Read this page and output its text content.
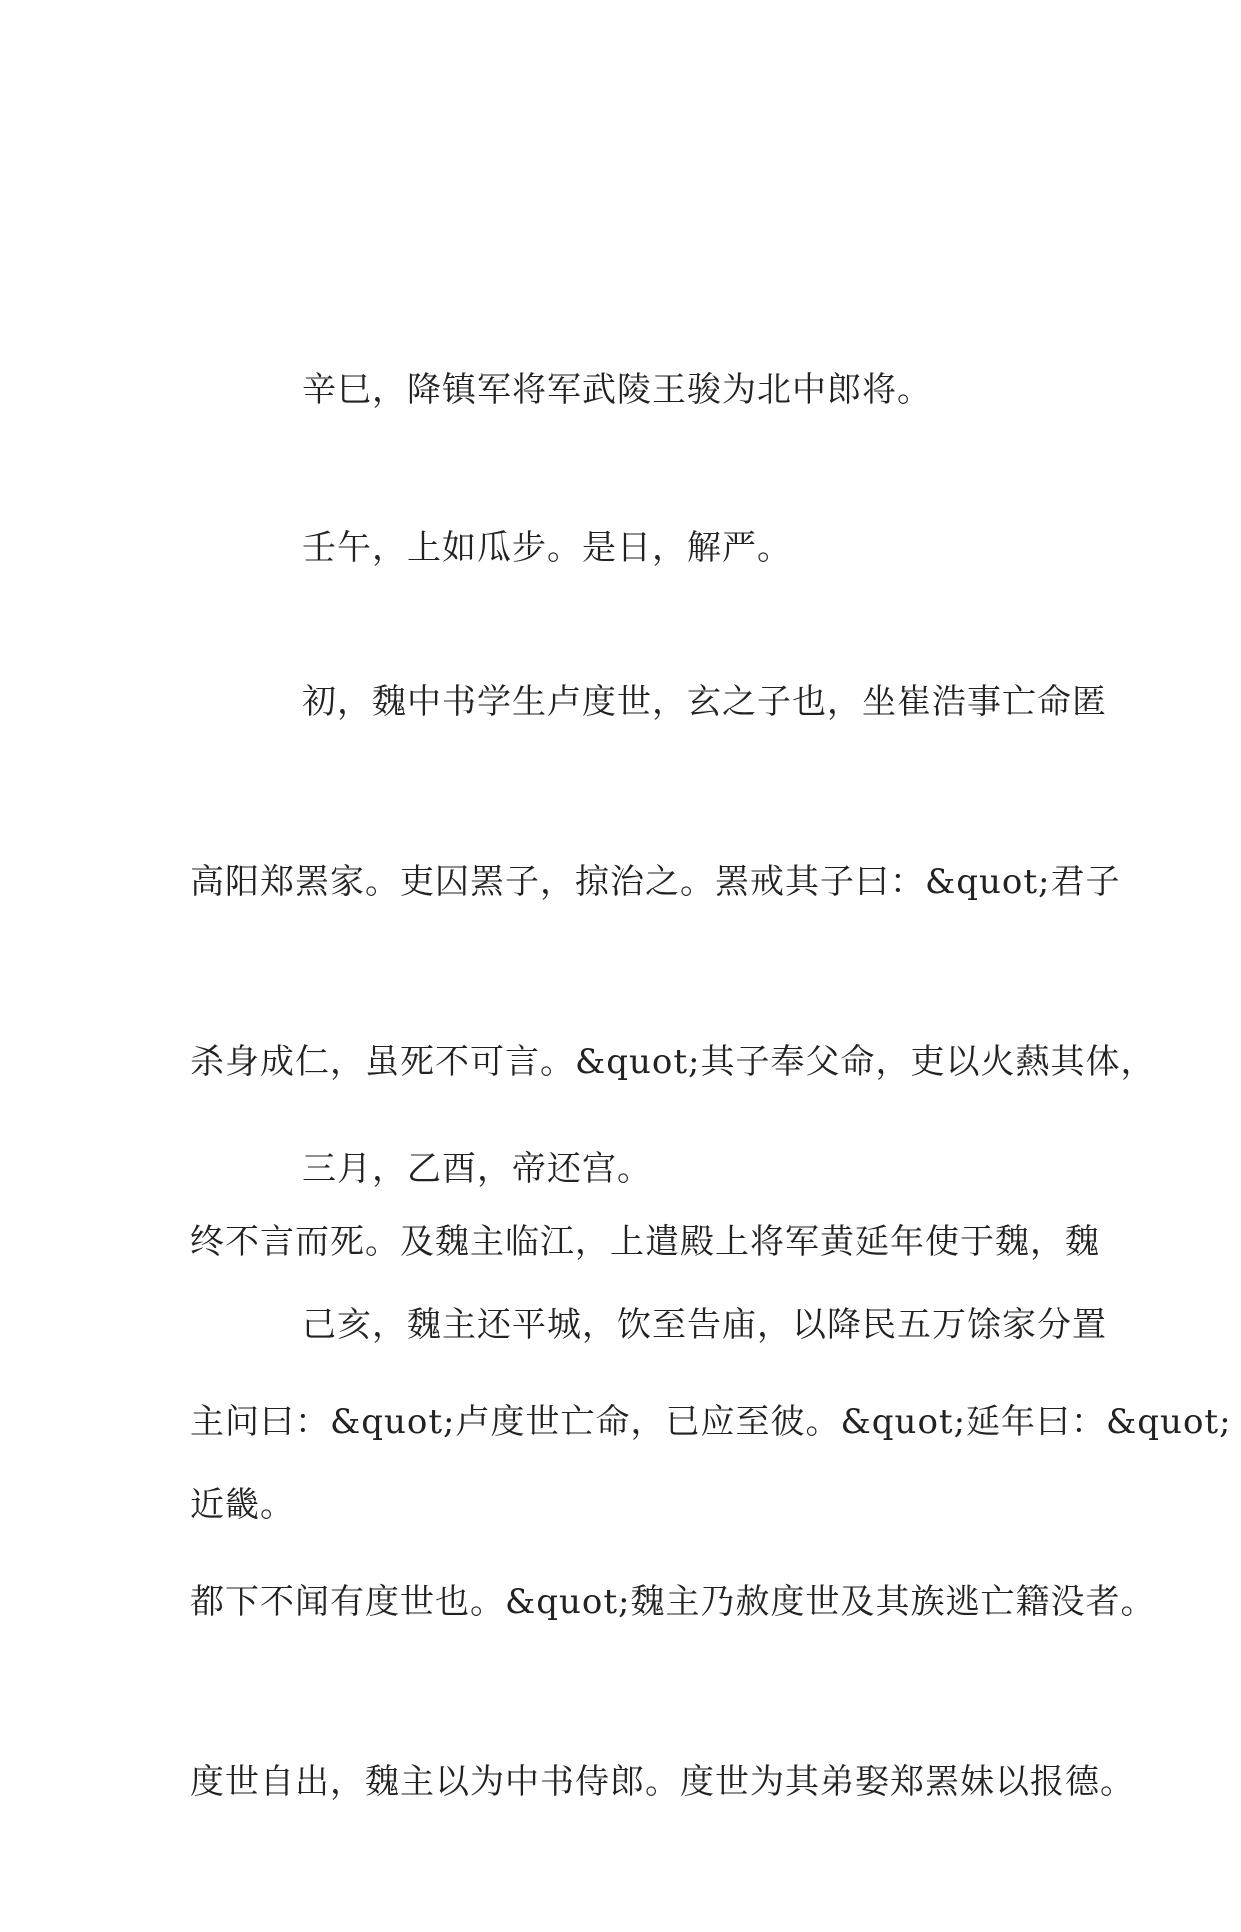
辛巳，降镇军将军武陵王骏为北中郎将。

壬午，上如瓜步。是日，解严。

初，魏中书学生卢度世，玄之子也，坐崔浩事亡命匿

高阳郑罴家。吏囚罴子，掠治之。罴戒其子曰：&quot;君子

杀身成仁，虽死不可言。&quot;其子奉父命，吏以火爇其体，

终不言而死。及魏主临江，上遣殿上将军黄延年使于魏，魏

主问曰：&quot;卢度世亡命，已应至彼。&quot;延年曰：&quot;

都下不闻有度世也。&quot;魏主乃赦度世及其族逃亡籍没者。

度世自出，魏主以为中书侍郎。度世为其弟娶郑罴妹以报德。

三月，乙酉，帝还宫。

己亥，魏主还平城，饮至告庙，以降民五万馀家分置

近畿。
